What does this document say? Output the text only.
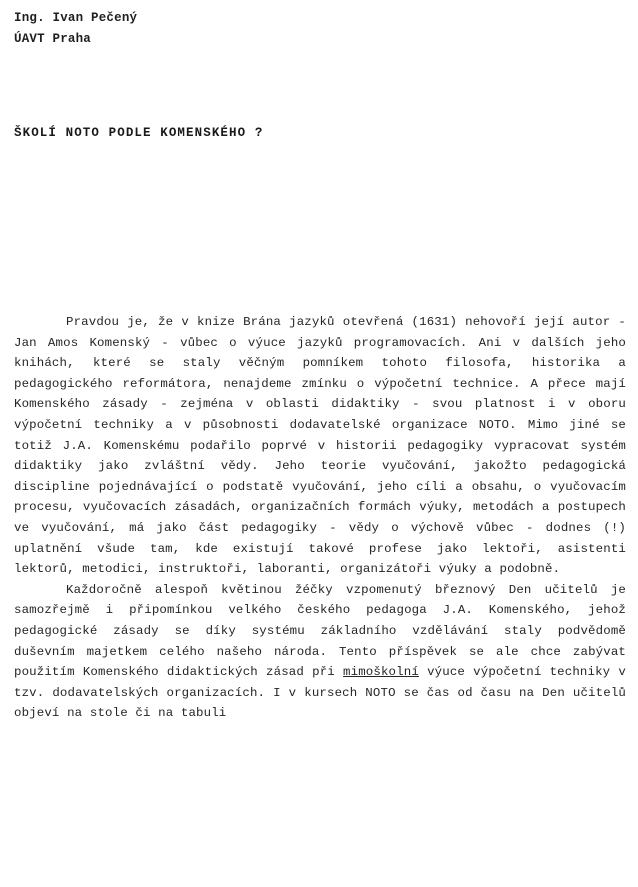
Ing. Ivan Pečený
ÚAVT Praha
ŠKOLÍ NOTO PODLE KOMENSKÉHO ?

Pravdou je, že v knize Brána jazyků otevřená (1631) nehovoří její autor - Jan Amos Komenský - vůbec o výuce jazyků programovacích. Ani v dalších jeho knihách, které se staly věčným pomníkem tohoto filosofa, historika a pedagogického reformátora, nenajdeme zmínku o výpočetní technice. A přece mají Komenského zásady - zejména v oblasti didaktiky - svou platnost i v oboru výpočetní techniky a v působnosti dodavatelské organizace NOTO. Mimo jiné se totiž J.A. Komenskému podařilo poprvé v historii pedagogiky vypracovat systém didaktiky jako zvláštní vědy. Jeho teorie vyučování, jakožto pedagogická discipline pojednávající o podstatě vyučování, jeho cíli a obsahu, o vyučovacím procesu, vyučovacích zásadách, organizačních formách výuky, metodách a postupech ve vyučování, má jako část pedagogiky - vědy o výchově vůbec - dodnes (!) uplatnění všude tam, kde existují takové profese jako lektoři, asistenti lektorů, metodici, instruktoři, laboranti, organizátoři výuky a podobně.

Každoročně alespoň květinou žéčky vzpomenutý březnový Den učitelů je samozřejmě i připomínkou velkého českého pedagoga J.A. Komenského, jehož pedagogické zásady se díky systému základního vzdělávání staly podvědomě duševním majetkem celého našeho národa. Tento příspěvek se ale chce zabývat použitím Komenského didaktických zásad při mimoškolní výuce výpočetní techniky v tzv. dodavatelských organizacích. I v kursech NOTO se čas od času na Den učitelů objeví na stole či na tabuli
